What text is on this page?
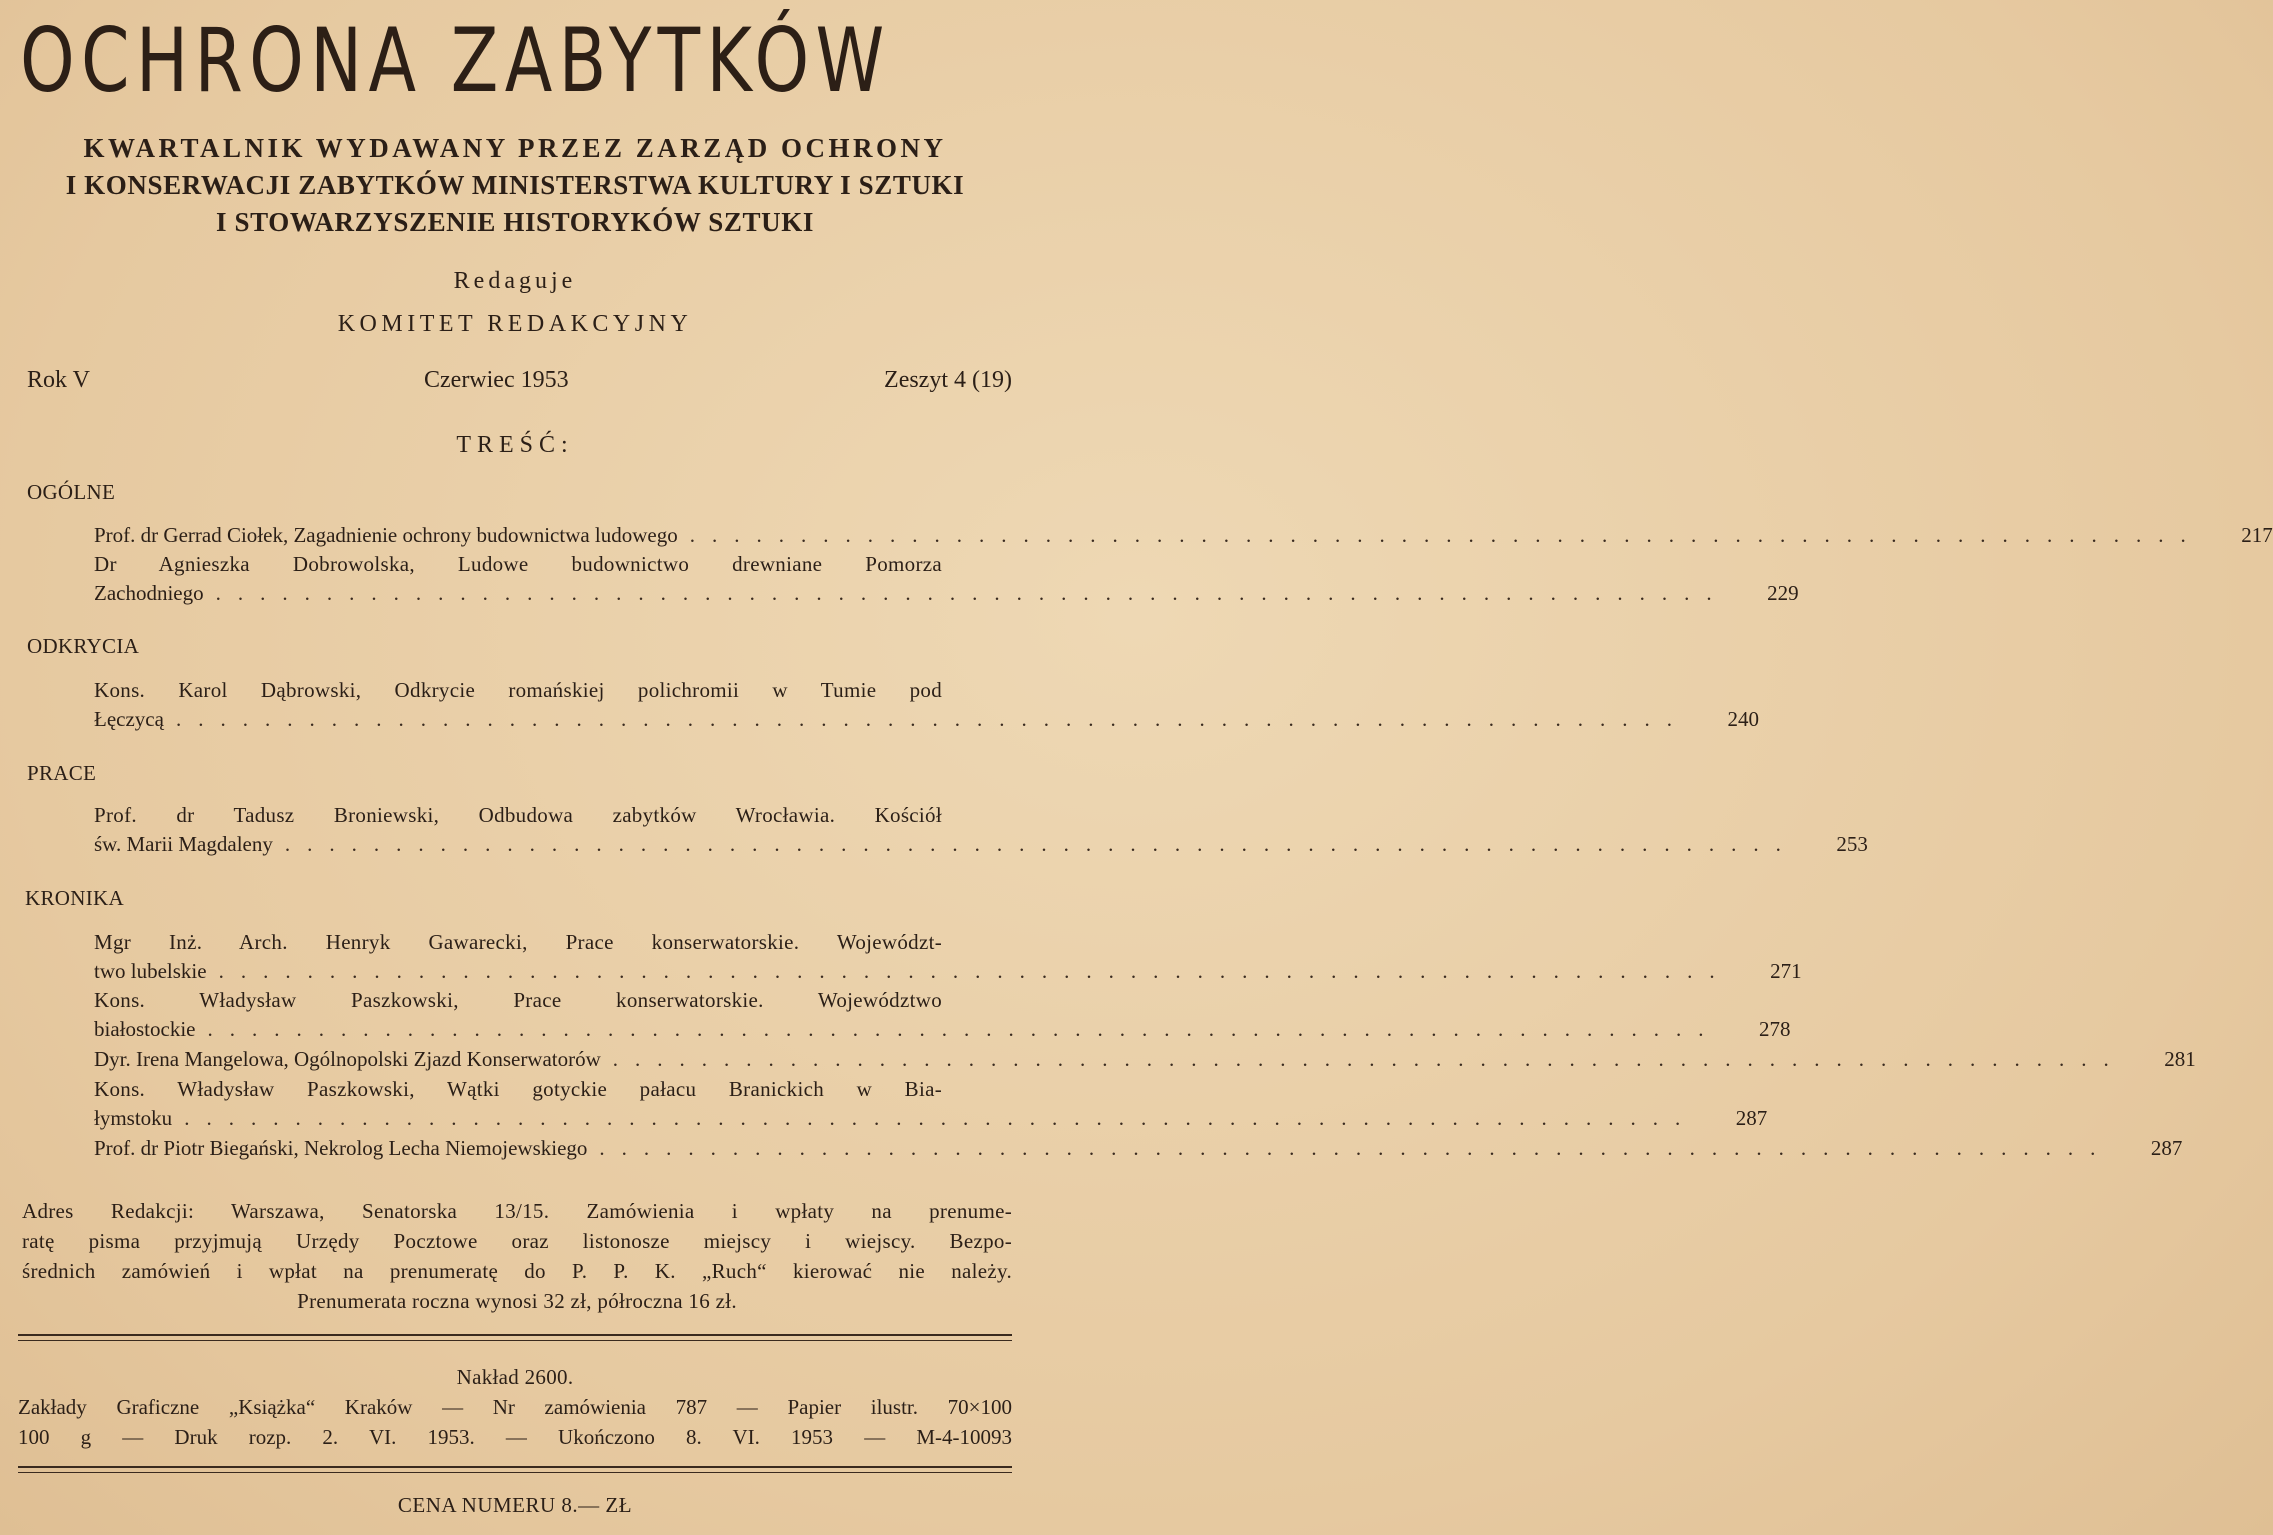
OCHRONA ZABYTKÓW
KWARTALNIK WYDAWANY PRZEZ ZARZĄD OCHRONY
I KONSERWACJI ZABYTKÓW MINISTERSTWA KULTURY I SZTUKI
I STOWARZYSZENIE HISTORYKÓW SZTUKI
Redaguje
KOMITET REDAKCYJNY
Rok V	Czerwiec 1953	Zeszyt 4 (19)
TREŚĆ:
OGÓLNE
Prof. dr Gerrad Ciołek, Zagadnienie ochrony budownictwa ludowego ....................................................................	217
Dr Agnieszka Dobrowolska, Ludowe budownictwo drewniane Pomorza
Zachodniego ....................................................................	229
ODKRYCIA
Kons. Karol Dąbrowski, Odkrycie romańskiej polichromii w Tumie pod
Łęczycą ....................................................................	240
PRACE
Prof. dr Tadusz Broniewski, Odbudowa zabytków Wrocławia. Kościół
św. Marii Magdaleny ....................................................................	253
KRONIKA
Mgr Inż. Arch. Henryk Gawarecki, Prace konserwatorskie. Województ-
two lubelskie ....................................................................	271
Kons. Władysław Paszkowski, Prace konserwatorskie. Województwo
białostockie ....................................................................	278
Dyr. Irena Mangelowa, Ogólnopolski Zjazd Konserwatorów ....................................................................	281
Kons. Władysław Paszkowski, Wątki gotyckie pałacu Branickich w Bia-
łymstoku ....................................................................	287
Prof. dr Piotr Biegański, Nekrolog Lecha Niemojewskiego ....................................................................	287
Adres Redakcji: Warszawa, Senatorska 13/15. Zamówienia i wpłaty na prenume-
ratę pisma przyjmują Urzędy Pocztowe oraz listonosze miejscy i wiejscy. Bezpo-
średnich zamówień i wpłat na prenumeratę do P. P. K. „Ruch“ kierować nie należy.
Prenumerata roczna wynosi 32 zł, półroczna 16 zł.
Nakład 2600.
Zakłady Graficzne „Książka“ Kraków — Nr zamówienia 787 — Papier ilustr. 70×100
100 g — Druk rozp. 2. VI. 1953. — Ukończono 8. VI. 1953 — M-4-10093
CENA NUMERU 8.— ZŁ
